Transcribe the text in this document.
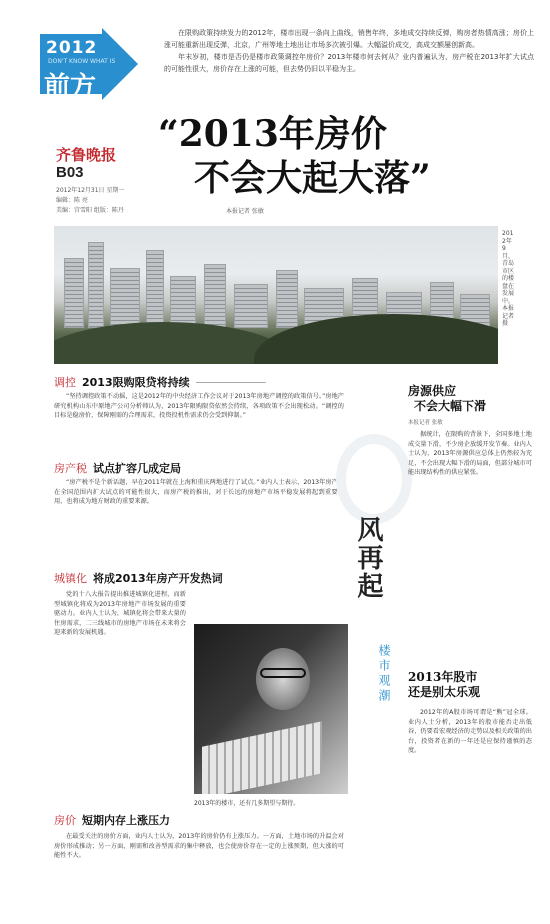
2012
DON'T KNOW WHAT IS
前方

在限购政策持续发力的2012年，楼市出现一条向上曲线，销售年终，多地成交持续反弹，购房者热情高涨；房价上涨可能重新出现反弹，北京，广州等地土地出让市场多次被引爆。大幅溢价成交，高成交额屡创新高。

年末岁初，楼市是否仍是楼市政策调控年房价？2013年楼市何去何从？业内普遍认为，房产税在2013年扩大试点的可能性很大，房价存在上涨的可能，但去势仍旧以平稳为主。

齐鲁晚报
B03
2012年12月31日 星期一
编辑：陈 亮
美编：宫雪阳 组版：陈丹
“2013年房价
不会大起大落”
本报记者 张敏
2012年9月，青岛市区的楼盘在发展中。本报记者 摄
调控 2013限购限贷将持续

“坚持调控政策不动摇，这是2012年的中央经济工作会议对于2013年房地产调控的政策信号。”房地产研究机构山东中原地产公司分析师认为，2013年限购限贷依然会持续，各项政策不会出现松动。“调控的目标是稳房价，保障刚需的合理需求，投资投机性需求仍会受到抑制。”

房产税 试点扩容几成定局

“房产税不是个新话题，早在2011年就在上海和重庆两地进行了试点。”业内人士表示，2013年房产税在全国范围内扩大试点的可能性很大，而房产税的推出，对于长远的房地产市场平稳发展将起到重要作用，也将成为地方财政的重要来源。

城镇化 将成2013年房产开发热词

党的十八大报告提出推进城镇化进程，而新型城镇化将成为2013年房地产市场发展的重要驱动力。业内人士认为，城镇化将会带来大量的住房需求，二三线城市的房地产市场在未来将会迎来新的发展机遇。

2013年的楼市，还有几多期望与期待。
房价 短期内存上涨压力

在最受关注的房价方面，业内人士认为，2013年的房价仍有上涨压力。一方面，土地市场的升温会对房价形成推动；另一方面，刚需和改善型需求的集中释放，也会使房价存在一定的上涨预期，但大涨的可能性不大。

风再起
楼市观潮
房源供应
不会大幅下滑
本报记者 张敏

据统计，在限购的背景下，全国多地土地成交量下滑，不少房企放缓开发节奏。业内人士认为，2013年房源供应总体上仍然较为充足，不会出现大幅下滑的局面，但部分城市可能出现结构性的供应紧张。

2013年股市
还是别太乐观

2012年的A股市场可谓是“熊”冠全球。业内人士分析，2013年的股市能否走出低谷，仍要看宏观经济的走势以及相关政策的出台，投资者在新的一年还是应保持谨慎的态度。
